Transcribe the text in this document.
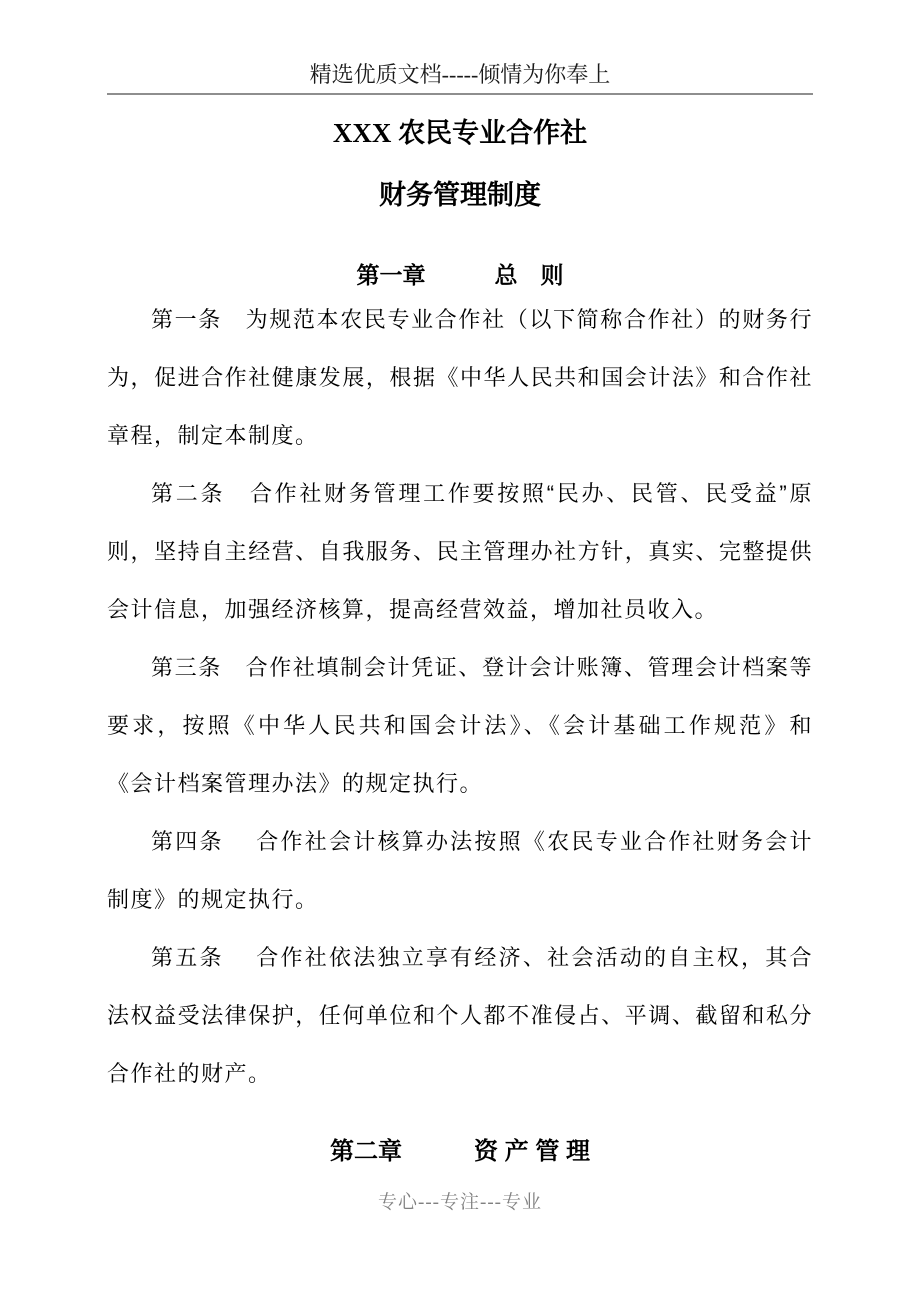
精选优质文档-----倾情为你奉上
XXX 农民专业合作社
财务管理制度
第一章　　　总　则

第一条　为规范本农民专业合作社（以下简称合作社）的财务行为，促进合作社健康发展，根据《中华人民共和国会计法》和合作社章程，制定本制度。

第二条　合作社财务管理工作要按照“民办、民管、民受益”原则，坚持自主经营、自我服务、民主管理办社方针，真实、完整提供会计信息，加强经济核算，提高经营效益，增加社员收入。

第三条　合作社填制会计凭证、登计会计账簿、管理会计档案等要求，按照《中华人民共和国会计法》、《会计基础工作规范》和《会计档案管理办法》的规定执行。

第四条　 合作社会计核算办法按照《农民专业合作社财务会计制度》的规定执行。

第五条　 合作社依法独立享有经济、社会活动的自主权，其合法权益受法律保护，任何单位和个人都不准侵占、平调、截留和私分合作社的财产。

第二章　　　资 产 管 理
专心---专注---专业
